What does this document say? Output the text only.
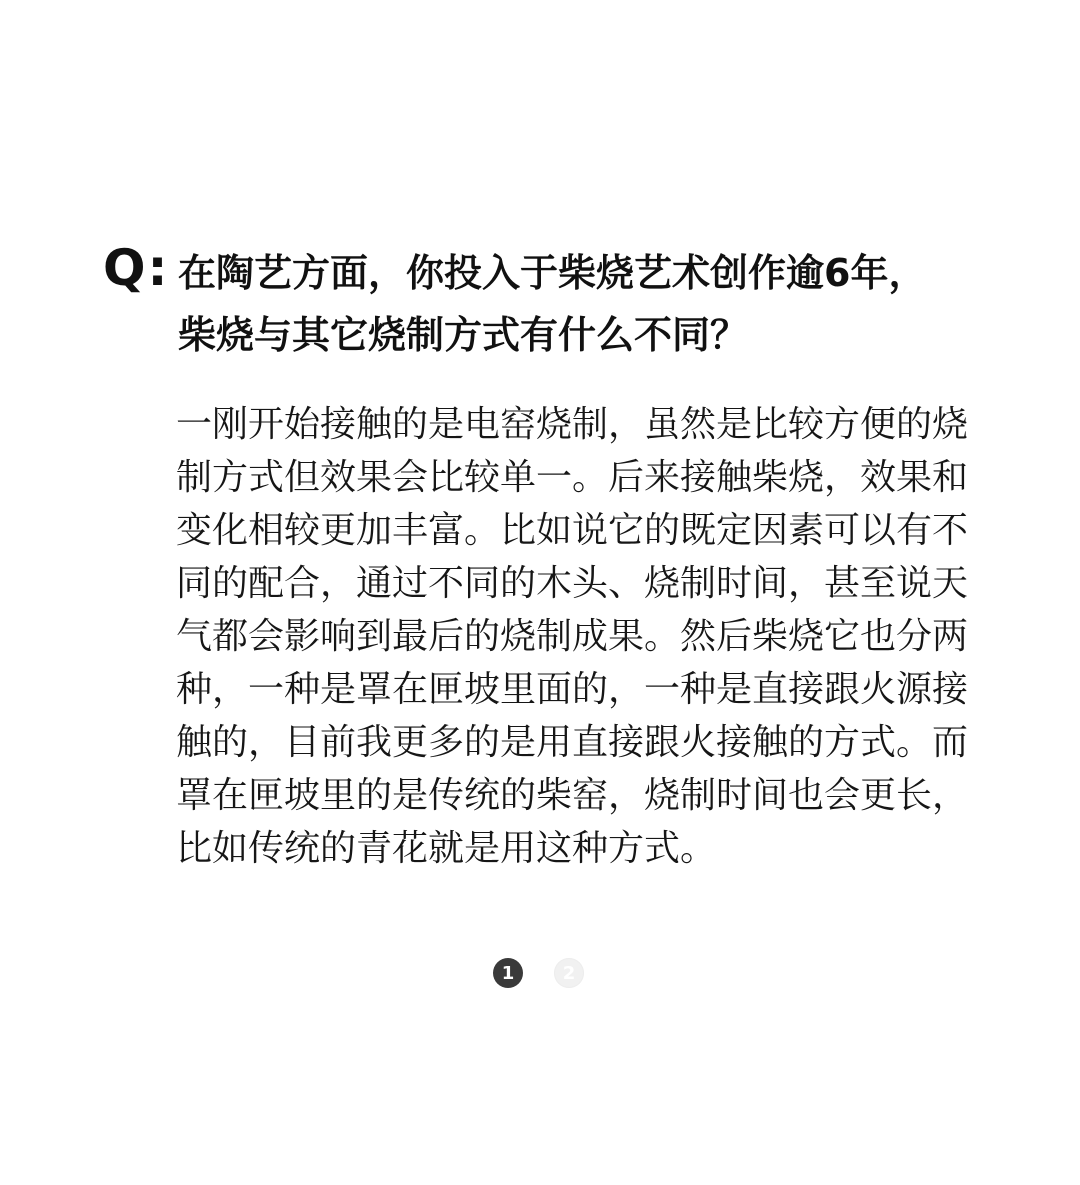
Q: 在陶艺方面，你投入于柴烧艺术创作逾6年，
柴烧与其它烧制方式有什么不同？
一刚开始接触的是电窑烧制，虽然是比较方便的烧
制方式但效果会比较单一。后来接触柴烧，效果和
变化相较更加丰富。比如说它的既定因素可以有不
同的配合，通过不同的木头、烧制时间，甚至说天
气都会影响到最后的烧制成果。然后柴烧它也分两
种，一种是罩在匣坡里面的，一种是直接跟火源接
触的，目前我更多的是用直接跟火接触的方式。而
罩在匣坡里的是传统的柴窑，烧制时间也会更长，
比如传统的青花就是用这种方式。
1	2
